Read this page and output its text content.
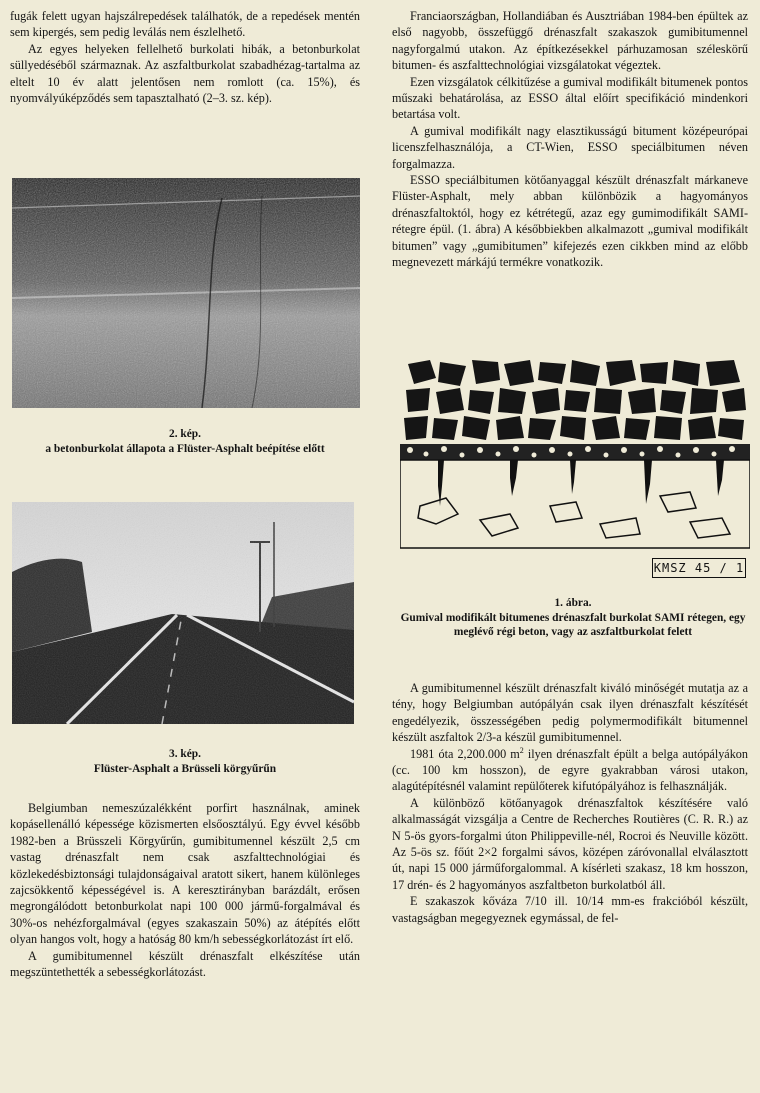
fugák felett ugyan hajszálrepedések találhatók, de a repedések mentén sem kipergés, sem pedig leválás nem észlelhető.

Az egyes helyeken fellelhető burkolati hibák, a betonburkolat süllyedéséből származnak. Az aszfaltburkolat szabadhézag-tartalma az eltelt 10 év alatt jelentősen nem romlott (ca. 15%), és nyomvályúképződés sem tapasztalható (2–3. sz. kép).

2. kép.
a betonburkolat állapota a Flüster-Asphalt beépítése előtt
3. kép.
Flüster-Asphalt a Brüsseli körgyűrűn

Belgiumban nemeszúzalékként porfirt használnak, aminek kopásellenálló képessége közismerten elsőosztályú. Egy évvel később 1982-ben a Brüsszeli Körgyűrűn, gumibitumennel készült 2,5 cm vastag drénaszfalt nem csak aszfalttechnológiai és közlekedésbiztonsági tulajdonságaival aratott sikert, hanem különleges zajcsökkentő képességével is. A keresztirányban barázdált, erősen megrongálódott betonburkolat napi 100 000 jármű-forgalmával és 30%-os nehézforgalmával (egyes szakaszain 50%) az átépítés előtt olyan hangos volt, hogy a hatóság 80 km/h sebességkorlátozást írt elő.

A gumibitumennel készült drénaszfalt elkészítése után megszüntethették a sebességkorlátozást.

Franciaországban, Hollandiában és Ausztriában 1984-ben épültek az első nagyobb, összefüggő drénaszfalt szakaszok gumibitumennel nagyforgalmú utakon. Az építkezésekkel párhuzamosan széleskörű bitumen- és aszfalttechnológiai vizsgálatokat végeztek.

Ezen vizsgálatok célkitűzése a gumival modifikált bitumenek pontos műszaki behatárolása, az ESSO által előírt specifikáció mindenkori betartása volt.

A gumival modifikált nagy elasztikusságú bitument középeurópai licenszfelhasználója, a CT-Wien, ESSO speciálbitumen néven forgalmazza.

ESSO speciálbitumen kötőanyaggal készült drénaszfalt márkaneve Flüster-Asphalt, mely abban különbözik a hagyományos drénaszfaltoktól, hogy ez kétrétegű, azaz egy gumimodifikált SAMI-rétegre épül. (1. ábra) A későbbiekben alkalmazott „gumival modifikált bitumen” vagy „gumibitumen” kifejezés ezen cikkben mind az előbb megnevezett márkájú termékre vonatkozik.

KMSZ 45 / 1
1. ábra.
Gumival modifikált bitumenes drénaszfalt burkolat SAMI rétegen, egy meglévő régi beton, vagy az aszfaltburkolat felett

A gumibitumennel készült drénaszfalt kiváló minőségét mutatja az a tény, hogy Belgiumban autópályán csak ilyen drénaszfalt készítését engedélyezik, összességében pedig polymermodifikált bitumennel készült aszfaltok 2/3-a készül gumibitumennel.

1981 óta 2,200.000 $m^2$ ilyen drénaszfalt épült a belga autópályákon (cc. 100 km hosszon), de egyre gyakrabban városi utakon, alagútépítésnél valamint repülőterek kifutópályához is felhasználják.

A különböző kötőanyagok drénaszfaltok készítésére való alkalmasságát vizsgálja a Centre de Recherches Routières (C. R. R.) az N 5-ös gyors-forgalmi úton Philippeville-nél, Rocroi és Neuville között. Az 5-ös sz. főút 2×2 forgalmi sávos, középen záróvonallal elválasztott út, napi 15 000 járműforgalommal. A kísérleti szakasz, 18 km hosszon, 17 drén- és 2 hagyományos aszfaltbeton burkolatból áll.

E szakaszok kőváza 7/10 ill. 10/14 mm-es frakcióból készült, vastagságban megegyeznek egymással, de fel-
